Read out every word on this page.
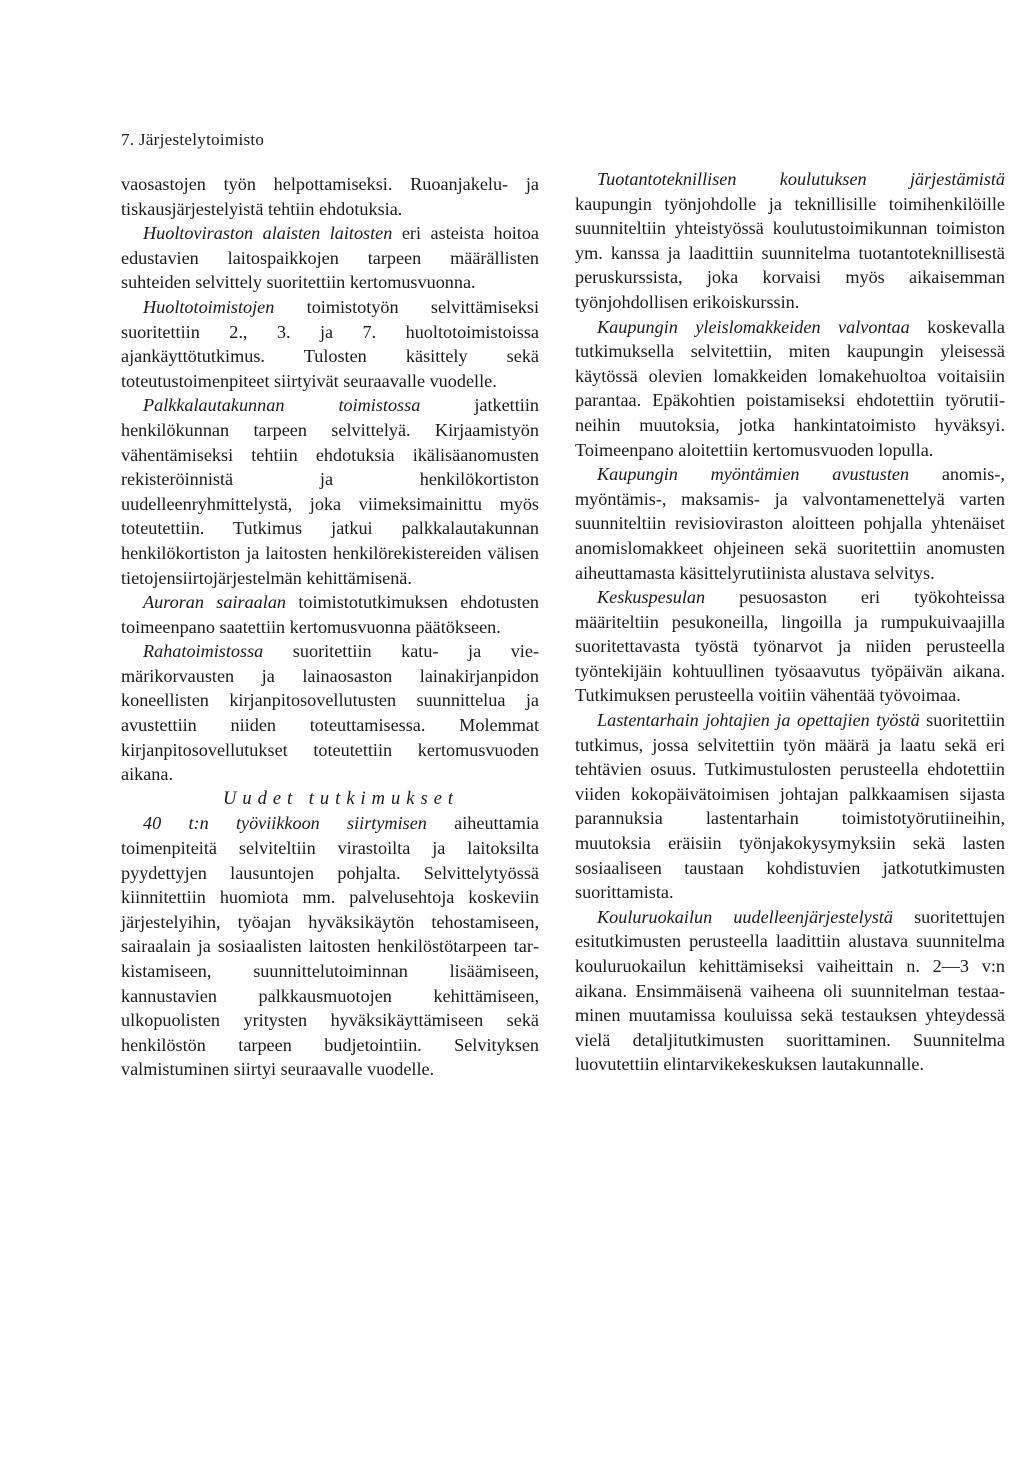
7. Järjestelytoimisto

vaosastojen työn helpottamiseksi. Ruoanjakelu- ja tiskausjärjestelyistä tehtiin ehdotuksia.

Huoltoviraston alaisten laitosten eri asteista hoitoa edustavien laitospaikkojen tarpeen määrällisten suhteiden selvittely suoritettiin kertomusvuonna.

Huoltotoimistojen toimistotyön selvittämiseksi suoritettiin 2., 3. ja 7. huoltotoimistoissa ajankäyttötutkimus. Tulosten käsittely sekä toteutustoimenpiteet siirtyivät seuraavalle vuodelle.

Palkkalautakunnan toimistossa jatkettiin henkilökunnan tarpeen selvittelyä. Kirjaamistyön vähentämiseksi tehtiin ehdotuksia ikälisäanomusten rekisteröinnistä ja henkilökortiston uudelleenryhmittelystä, joka viimeksimainittu myös toteutettiin. Tutkimus jatkui palkkalautakunnan henkilökortiston ja laitosten henkilörekistereiden välisen tietojensiirtojärjestelmän kehittämisenä.

Auroran sairaalan toimistotutkimuksen ehdotusten toimeenpano saatettiin kertomusvuonna päätökseen.

Rahatoimistossa suoritettiin katu- ja viemärikorvausten ja lainaosaston lainakirjanpidon koneellisten kirjanpitosovellutusten suunnittelua ja avustettiin niiden toteuttamisessa. Molemmat kirjanpitosovellutukset toteutettiin kertomusvuoden aikana.

Uudet tutkimukset

40 t:n työviikkoon siirtymisen aiheuttamia toimenpiteitä selviteltiin virastoilta ja laitoksilta pyydettyjen lausuntojen pohjalta. Selvittelytyössä kiinnitettiin huomiota mm. palvelusehtoja koskeviin järjestelyihin, työajan hyväksikäytön tehostamiseen, sairaalain ja sosiaalisten laitosten henkilöstötarpeen tarkistamiseen, suunnittelutoiminnan lisäämiseen, kannustavien palkkausmuotojen kehittämiseen, ulkopuolisten yritysten hyväksikäyttämiseen sekä henkilöstön tarpeen budjetointiin. Selvityksen valmistuminen siirtyi seuraavalle vuodelle.

Tuotantoteknillisen koulutuksen järjestämistä kaupungin työnjohdolle ja teknillisille toimihenkilöille suunniteltiin yhteistyössä koulutustoimikunnan toimiston ym. kanssa ja laadittiin suunnitelma tuotantoteknillisestä peruskurssista, joka korvaisi myös aikaisemman työnjohdollisen erikoiskurssin.

Kaupungin yleislomakkeiden valvontaa koskevalla tutkimuksella selvitettiin, miten kaupungin yleisessä käytössä olevien lomakkeiden lomakehuoltoa voitaisiin parantaa. Epäkohtien poistamiseksi ehdotettiin työrutiineihin muutoksia, jotka hankintatoimisto hyväksyi. Toimeenpano aloitettiin kertomusvuoden lopulla.

Kaupungin myöntämien avustusten anomis-, myöntämis-, maksamis- ja valvontamenettelyä varten suunniteltiin revisioviraston aloitteen pohjalla yhtenäiset anomislomakkeet ohjeineen sekä suoritettiin anomusten aiheuttamasta käsittelyrutiinista alustava selvitys.

Keskuspesulan pesuosaston eri työkohteissa määriteltiin pesukoneilla, lingoilla ja rumpukuivaajilla suoritettavasta työstä työnarvot ja niiden perusteella työntekijäin kohtuullinen työsaavutus työpäivän aikana. Tutkimuksen perusteella voitiin vähentää työvoimaa.

Lastentarhain johtajien ja opettajien työstä suoritettiin tutkimus, jossa selvitettiin työn määrä ja laatu sekä eri tehtävien osuus. Tutkimustulosten perusteella ehdotettiin viiden kokopäivätoimisen johtajan palkkaamisen sijasta parannuksia lastentarhain toimistotyörutiineihin, muutoksia eräisiin työnjakokysymyksiin sekä lasten sosiaaliseen taustaan kohdistuvien jatkotutkimusten suorittamista.

Kouluruokailun uudelleenjärjestelystä suoritettujen esitutkimusten perusteella laadittiin alustava suunnitelma kouluruokailun kehittämiseksi vaiheittain n. 2—3 v:n aikana. Ensimmäisenä vaiheena oli suunnitelman testaaminen muutamissa kouluissa sekä testauksen yhteydessä vielä detaljitutkimusten suorittaminen. Suunnitelma luovutettiin elintarvikekeskuksen lautakunnalle.
